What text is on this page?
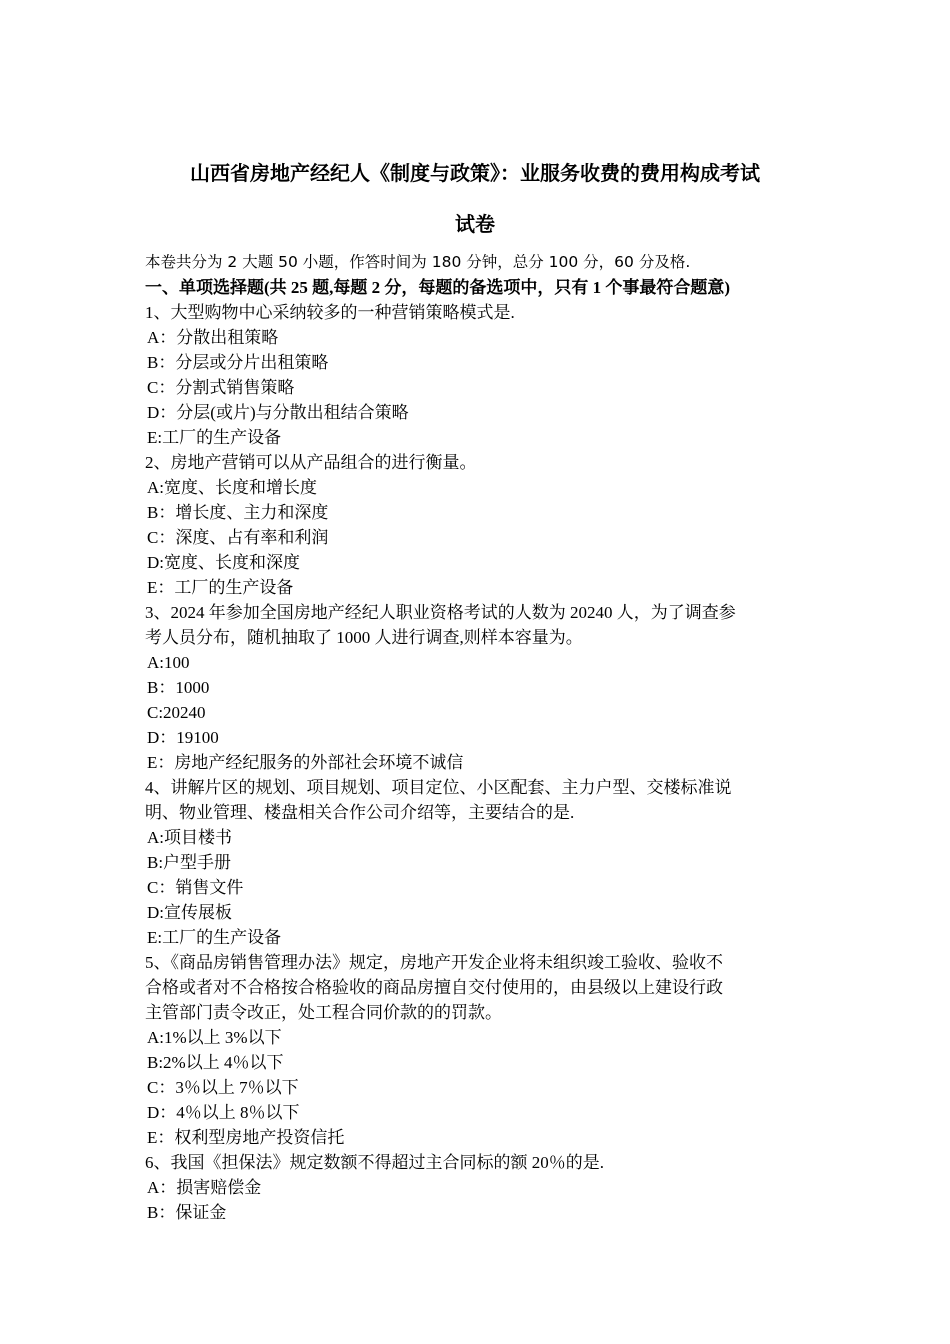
山西省房地产经纪人《制度与政策》：业服务收费的费用构成考试
试卷
本卷共分为 2 大题 50 小题，作答时间为 180 分钟，总分 100 分，60 分及格.
一、单项选择题(共 25 题,每题 2 分，每题的备选项中，只有 1 个事最符合题意)
1、大型购物中心采纳较多的一种营销策略模式是.
A：分散出租策略
B：分层或分片出租策略
C：分割式销售策略
D：分层(或片)与分散出租结合策略
E:工厂的生产设备
2、房地产营销可以从产品组合的进行衡量。
A:宽度、长度和增长度
B：增长度、主力和深度
C：深度、占有率和利润
D:宽度、长度和深度
E：工厂的生产设备
3、2024 年参加全国房地产经纪人职业资格考试的人数为 20240 人，为了调查参
考人员分布，随机抽取了 1000 人进行调查,则样本容量为。
A:100
B：1000
C:20240
D：19100
E：房地产经纪服务的外部社会环境不诚信
4、讲解片区的规划、项目规划、项目定位、小区配套、主力户型、交楼标准说
明、物业管理、楼盘相关合作公司介绍等，主要结合的是.
A:项目楼书
B:户型手册
C：销售文件
D:宣传展板
E:工厂的生产设备
5、《商品房销售管理办法》规定，房地产开发企业将未组织竣工验收、验收不
合格或者对不合格按合格验收的商品房擅自交付使用的，由县级以上建设行政
主管部门责令改正，处工程合同价款的的罚款。
A:1%以上 3%以下
B:2%以上 4％以下
C：3％以上 7％以下
D：4％以上 8％以下
E：权利型房地产投资信托
6、我国《担保法》规定数额不得超过主合同标的额 20％的是.
A：损害赔偿金
B：保证金
